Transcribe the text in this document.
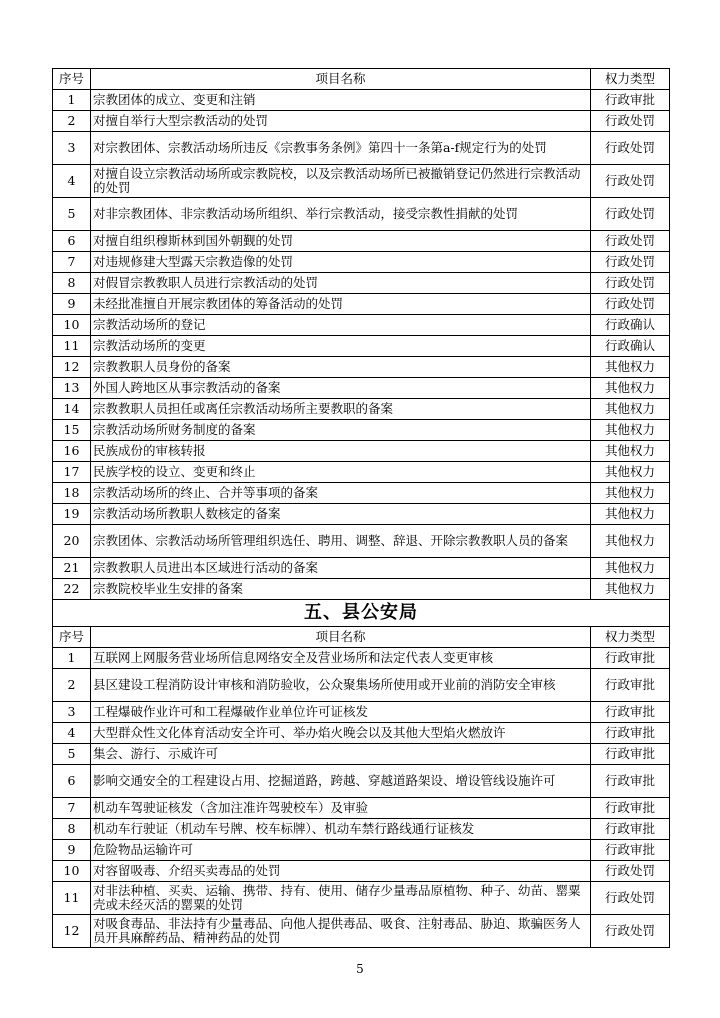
序号	项目名称	权力类型
1	宗教团体的成立、变更和注销	行政审批
2	对擅自举行大型宗教活动的处罚	行政处罚
3	对宗教团体、宗教活动场所违反《宗教事务条例》第四十一条第a-f规定行为的处罚	行政处罚
4	对擅自设立宗教活动场所或宗教院校，以及宗教活动场所已被撤销登记仍然进行宗教活动的处罚	行政处罚
5	对非宗教团体、非宗教活动场所组织、举行宗教活动，接受宗教性捐献的处罚	行政处罚
6	对擅自组织穆斯林到国外朝觐的处罚	行政处罚
7	对违规修建大型露天宗教造像的处罚	行政处罚
8	对假冒宗教教职人员进行宗教活动的处罚	行政处罚
9	未经批准擅自开展宗教团体的筹备活动的处罚	行政处罚
10	宗教活动场所的登记	行政确认
11	宗教活动场所的变更	行政确认
12	宗教教职人员身份的备案	其他权力
13	外国人跨地区从事宗教活动的备案	其他权力
14	宗教教职人员担任或离任宗教活动场所主要教职的备案	其他权力
15	宗教活动场所财务制度的备案	其他权力
16	民族成份的审核转报	其他权力
17	民族学校的设立、变更和终止	其他权力
18	宗教活动场所的终止、合并等事项的备案	其他权力
19	宗教活动场所教职人数核定的备案	其他权力
20	宗教团体、宗教活动场所管理组织选任、聘用、调整、辞退、开除宗教教职人员的备案	其他权力
21	宗教教职人员进出本区域进行活动的备案	其他权力
22	宗教院校毕业生安排的备案	其他权力
五、县公安局		
序号	项目名称	权力类型
1	互联网上网服务营业场所信息网络安全及营业场所和法定代表人变更审核	行政审批
2	县区建设工程消防设计审核和消防验收，公众聚集场所使用或开业前的消防安全审核	行政审批
3	工程爆破作业许可和工程爆破作业单位许可证核发	行政审批
4	大型群众性文化体育活动安全许可、举办焰火晚会以及其他大型焰火燃放许	行政审批
5	集会、游行、示威许可	行政审批
6	影响交通安全的工程建设占用、挖掘道路，跨越、穿越道路架设、增设管线设施许可	行政审批
7	机动车驾驶证核发（含加注准许驾驶校车）及审验	行政审批
8	机动车行驶证（机动车号牌、校车标牌）、机动车禁行路线通行证核发	行政审批
9	危险物品运输许可	行政审批
10	对容留吸毒、介绍买卖毒品的处罚	行政处罚
11	对非法种植、买卖、运输、携带、持有、使用、储存少量毒品原植物、种子、幼苗、罂粟壳或未经灭活的罂粟的处罚	行政处罚
12	对吸食毒品、非法持有少量毒品、向他人提供毒品、吸食、注射毒品、胁迫、欺骗医务人员开具麻醉药品、精神药品的处罚	行政处罚
5
